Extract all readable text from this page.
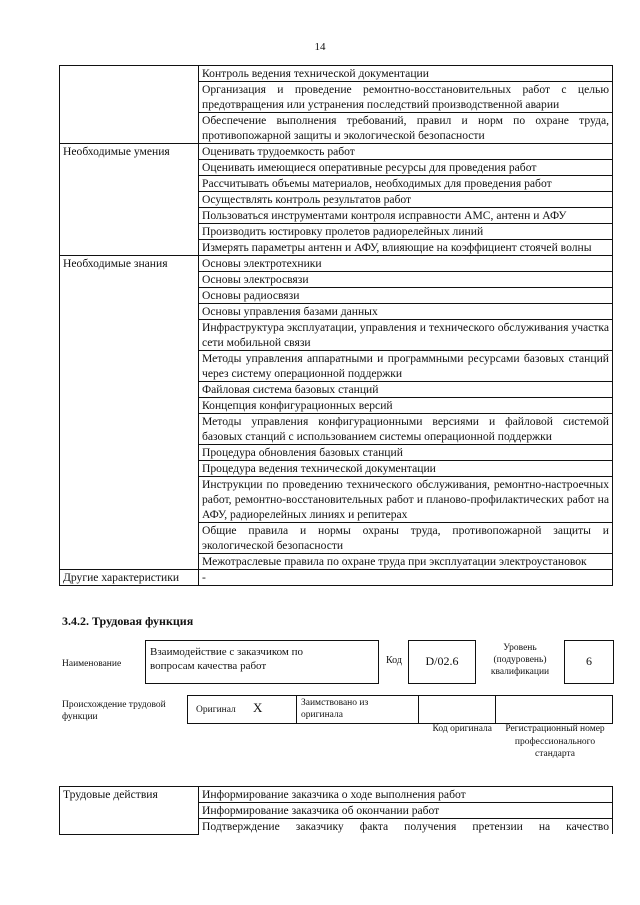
14
	Контроль ведения технической документации
	Организация и проведение ремонтно-восстановительных работ с целью предотвращения или устранения последствий производственной аварии
	Обеспечение выполнения требований, правил и норм по охране труда, противопожарной защиты и экологической безопасности
Необходимые умения	Оценивать трудоемкость работ
	Оценивать имеющиеся оперативные ресурсы для проведения работ
	Рассчитывать объемы материалов, необходимых для проведения работ
	Осуществлять контроль результатов работ
	Пользоваться инструментами контроля исправности АМС, антенн и АФУ
	Производить юстировку пролетов радиорелейных линий
	Измерять параметры антенн и АФУ, влияющие на коэффициент стоячей волны
Необходимые знания	Основы электротехники
	Основы электросвязи
	Основы радиосвязи
	Основы управления базами данных
	Инфраструктура эксплуатации, управления и технического обслуживания участка сети мобильной связи
	Методы управления аппаратными и программными ресурсами базовых станций через систему операционной поддержки
	Файловая система базовых станций
	Концепция конфигурационных версий
	Методы управления конфигурационными версиями и файловой системой базовых станций с использованием системы операционной поддержки
	Процедура обновления базовых станций
	Процедура ведения технической документации
	Инструкции по проведению технического обслуживания, ремонтно-настроечных работ, ремонтно-восстановительных работ и планово-профилактических работ на АФУ, радиорелейных линиях и репитерах
	Общие правила и нормы охраны труда, противопожарной защиты и экологической безопасности
	Межотраслевые правила по охране труда при эксплуатации электроустановок
Другие характеристики	-
3.4.2. Трудовая функция
Наименование
Взаимодействие с заказчиком по вопросам качества работ	Код	D/02.6
Уровень (подуровень) квалификации
6
Происхождение трудовой функции
Оригинал X	Заимствовано из оригинала
Код оригинала	Регистрационный номер профессионального стандарта
Трудовые действия	Информирование заказчика о ходе выполнения работ
Информирование заказчика об окончании работ
Подтверждение заказчику факта получения претензии на качество
